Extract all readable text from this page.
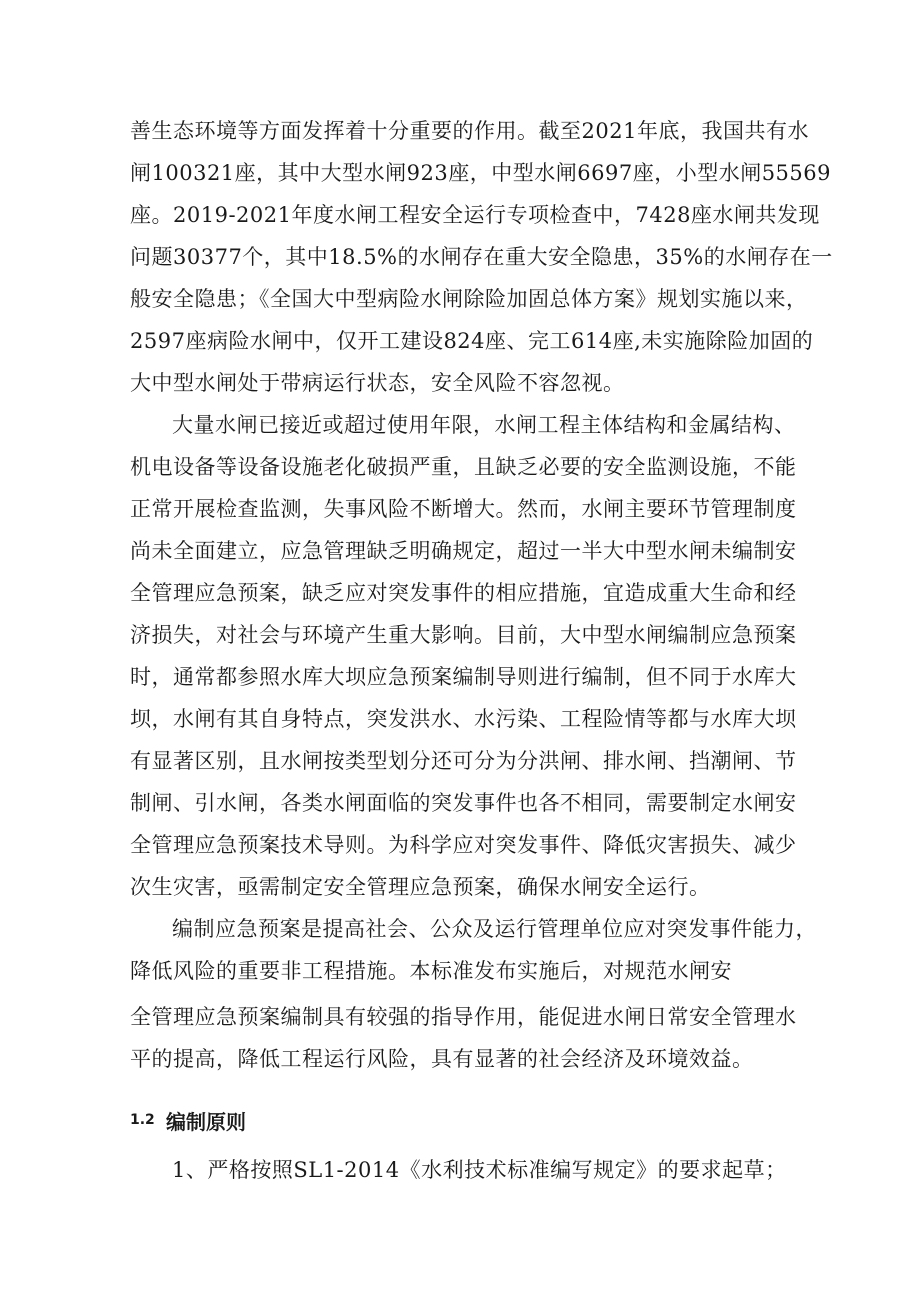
善生态环境等方面发挥着十分重要的作用。截至2021年底，我国共有水
闸100321座，其中大型水闸923座，中型水闸6697座，小型水闸55569
座。2019-2021年度水闸工程安全运行专项检查中，7428座水闸共发现
问题30377个，其中18.5%的水闸存在重大安全隐患，35%的水闸存在一
般安全隐患；《全国大中型病险水闸除险加固总体方案》规划实施以来，
2597座病险水闸中，仅开工建设824座、完工614座,未实施除险加固的
大中型水闸处于带病运行状态，安全风险不容忽视。
大量水闸已接近或超过使用年限，水闸工程主体结构和金属结构、
机电设备等设备设施老化破损严重，且缺乏必要的安全监测设施，不能
正常开展检查监测，失事风险不断增大。然而，水闸主要环节管理制度
尚未全面建立，应急管理缺乏明确规定，超过一半大中型水闸未编制安
全管理应急预案，缺乏应对突发事件的相应措施，宜造成重大生命和经
济损失，对社会与环境产生重大影响。目前，大中型水闸编制应急预案
时，通常都参照水库大坝应急预案编制导则进行编制，但不同于水库大
坝，水闸有其自身特点，突发洪水、水污染、工程险情等都与水库大坝
有显著区别，且水闸按类型划分还可分为分洪闸、排水闸、挡潮闸、节
制闸、引水闸，各类水闸面临的突发事件也各不相同，需要制定水闸安
全管理应急预案技术导则。为科学应对突发事件、降低灾害损失、减少
次生灾害，亟需制定安全管理应急预案，确保水闸安全运行。
编制应急预案是提高社会、公众及运行管理单位应对突发事件能力，
降低风险的重要非工程措施。本标准发布实施后，对规范水闸安
全管理应急预案编制具有较强的指导作用，能促进水闸日常安全管理水
平的提高，降低工程运行风险，具有显著的社会经济及环境效益。
1.2 编制原则
1、严格按照SL1-2014《水利技术标准编写规定》的要求起草；
